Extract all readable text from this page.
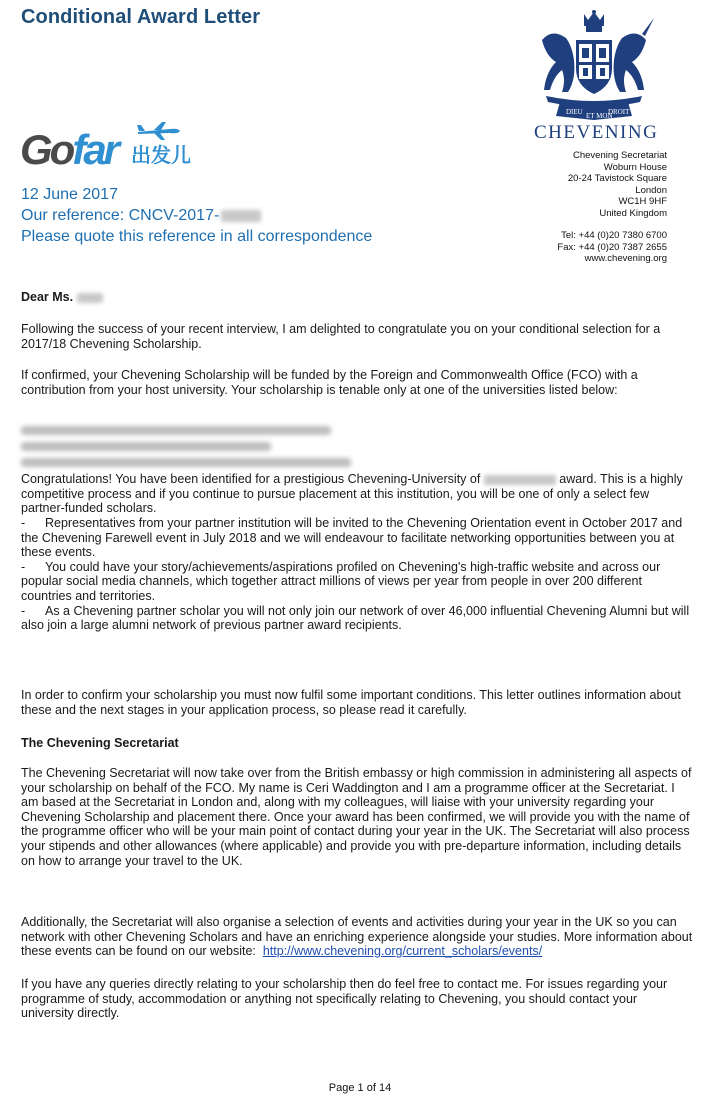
Conditional Award Letter
Gofar 出发儿
12 June 2017
Our reference: CNCV-2017-
Please quote this reference in all correspondence
DIEU ET MON
DROIT
CHEVENING
Chevening Secretariat
Woburn House
20-24 Tavistock Square
London
WC1H 9HF
United Kingdom
Tel: +44 (0)20 7380 6700
Fax: +44 (0)20 7387 2655
www.chevening.org
Dear Ms.

Following the success of your recent interview, I am delighted to congratulate you on your conditional selection for a 2017/18 Chevening Scholarship.

If confirmed, your Chevening Scholarship will be funded by the Foreign and Commonwealth Office (FCO) with a contribution from your host university. Your scholarship is tenable only at one of the universities listed below:

Congratulations! You have been identified for a prestigious Chevening-University of	award. This is a highly competitive process and if you continue to pursue placement at this institution, you will be one of only a select few partner-funded scholars.

-	Representatives from your partner institution will be invited to the Chevening Orientation event in October 2017 and the Chevening Farewell event in July 2018 and we will endeavour to facilitate networking opportunities between you at these events.
-	You could have your story/achievements/aspirations profiled on Chevening's high-traffic website and across our popular social media channels, which together attract millions of views per year from people in over 200 different countries and territories.
-	As a Chevening partner scholar you will not only join our network of over 46,000 influential Chevening Alumni but will also join a large alumni network of previous partner award recipients.

In order to confirm your scholarship you must now fulfil some important conditions. This letter outlines information about these and the next stages in your application process, so please read it carefully.

The Chevening Secretariat

The Chevening Secretariat will now take over from the British embassy or high commission in administering all aspects of your scholarship on behalf of the FCO. My name is Ceri Waddington and I am a programme officer at the Secretariat. I am based at the Secretariat in London and, along with my colleagues, will liaise with your university regarding your Chevening Scholarship and placement there. Once your award has been confirmed, we will provide you with the name of the programme officer who will be your main point of contact during your year in the UK. The Secretariat will also process your stipends and other allowances (where applicable) and provide you with pre-departure information, including details on how to arrange your travel to the UK.

Additionally, the Secretariat will also organise a selection of events and activities during your year in the UK so you can network with other Chevening Scholars and have an enriching experience alongside your studies. More information about these events can be found on our website: http://www.chevening.org/current_scholars/events/

If you have any queries directly relating to your scholarship then do feel free to contact me. For issues regarding your programme of study, accommodation or anything not specifically relating to Chevening, you should contact your university directly.

Page 1 of 14
